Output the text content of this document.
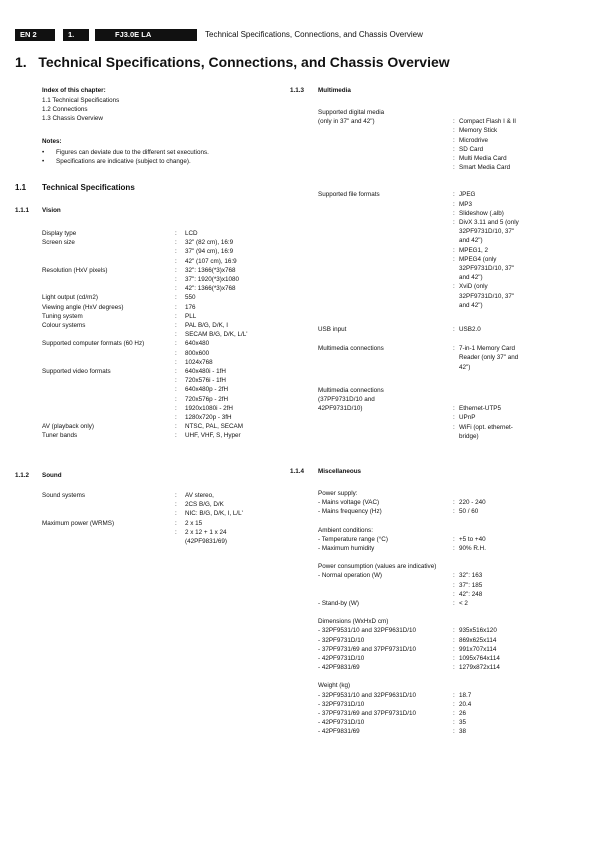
EN 2	1.	FJ3.0E LA	Technical Specifications, Connections, and Chassis Overview
1.   Technical Specifications, Connections, and Chassis Overview
Index of this chapter:
1.1 Technical Specifications
1.2 Connections
1.3 Chassis Overview
Notes:
• Figures can deviate due to the different set executions.
• Specifications are indicative (subject to change).
1.1 Technical Specifications
1.1.1 Vision
Display type	: LCD
Screen size	: 32" (82 cm), 16:9
: 37" (94 cm), 16:9
: 42" (107 cm), 16:9
Resolution (HxV pixels)	: 32": 1366(*3)x768
: 37": 1920(*3)x1080
: 42": 1366(*3)x768
Light output (cd/m2)	: 550
Viewing angle (HxV degrees)	: 176
Tuning system	: PLL
Colour systems	: PAL B/G, D/K, I
: SECAM B/G, D/K, L/L'
Supported computer formats (60 Hz)	: 640x480
: 800x600
: 1024x768
Supported video formats	: 640x480i - 1fH
: 720x576i - 1fH
: 640x480p - 2fH
: 720x576p - 2fH
: 1920x1080i - 2fH
: 1280x720p - 3fH
AV (playback only)	: NTSC, PAL, SECAM
Tuner bands	: UHF, VHF, S, Hyper
1.1.2 Sound
Sound systems	: AV stereo,
: 2CS B/G, D/K
: NIC: B/G, D/K, I, L/L'
Maximum power (WRMS)	: 2 x 15
: 2 x 12 + 1 x 24
(42PF9831/69)
1.1.3 Multimedia
Supported digital media
(only in 37" and 42")	: Compact Flash I & II
: Memory Stick
: Microdrive
: SD Card
: Multi Media Card
: Smart Media Card
Supported file formats	: JPEG
: MP3
: Slideshow (.alb)
: DivX 3.11 and 5 (only
32PF9731D/10, 37"
and 42")
: MPEG1, 2
: MPEG4 (only
32PF9731D/10, 37"
and 42")
: XviD (only
32PF9731D/10, 37"
and 42")
USB input	: USB2.0
Multimedia connections	: 7-in-1 Memory Card
Reader (only 37" and
42")
Multimedia connections
(37PF9731D/10 and
42PF9731D/10)	: Ethernet-UTP5
: UPnP
: WiFi (opt. ethernet-
bridge)
1.1.4 Miscellaneous
Power supply:
- Mains voltage (VAC)	: 220 - 240
- Mains frequency (Hz)	: 50 / 60
Ambient conditions:
- Temperature range (°C)	: +5 to +40
- Maximum humidity	: 90% R.H.
Power consumption (values are indicative)
- Normal operation (W)	: 32": 163
: 37": 185
: 42": 248
- Stand-by (W)	: < 2
Dimensions (WxHxD cm)
- 32PF9531/10 and 32PF9631D/10	: 935x516x120
- 32PF9731D/10	: 869x625x114
- 37PF9731/69 and 37PF9731D/10	: 991x707x114
- 42PF9731D/10	: 1095x764x114
- 42PF9831/69	: 1279x872x114
Weight (kg)
- 32PF9531/10 and 32PF9631D/10	: 18.7
- 32PF9731D/10	: 20.4
- 37PF9731/69 and 37PF9731D/10	: 26
- 42PF9731D/10	: 35
- 42PF9831/69	: 38
